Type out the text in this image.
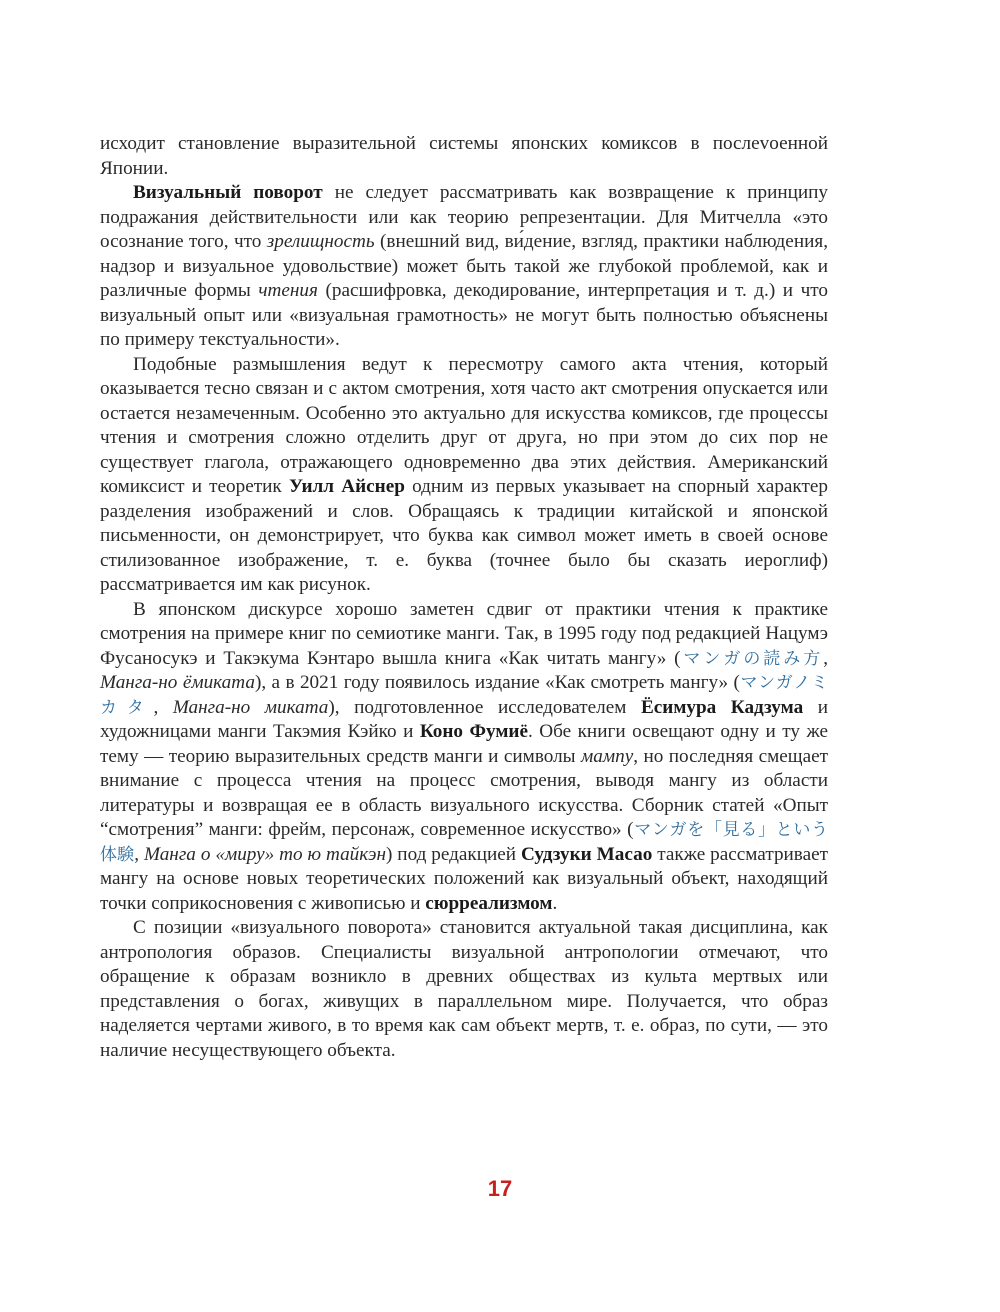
исходит становление выразительной системы японских комиксов в послеvоенной Японии.

Визуальный поворот не следует рассматривать как возвращение к принципу подражания действительности или как теорию репрезентации. Для Митчелла «это осознание того, что зрелищность (внешний вид, ви́дение, взгляд, практики наблюдения, надзор и визуальное удовольствие) может быть такой же глубокой проблемой, как и различные формы чтения (расшифровка, декодирование, интерпретация и т. д.) и что визуальный опыт или «визуальная грамотность» не могут быть полностью объяснены по примеру текстуальности».

Подобные размышления ведут к пересмотру самого акта чтения, который оказывается тесно связан и с актом смотрения, хотя часто акт смотрения опускается или остается незамеченным. Особенно это актуально для искусства комиксов, где процессы чтения и смотрения сложно отделить друг от друга, но при этом до сих пор не существует глагола, отражающего одновременно два этих действия. Американский комиксист и теоретик Уилл Айснер одним из первых указывает на спорный характер разделения изображений и слов. Обращаясь к традиции китайской и японской письменности, он демонстрирует, что буква как символ может иметь в своей основе стилизованное изображение, т. е. буква (точнее было бы сказать иероглиф) рассматривается им как рисунок.

В японском дискурсе хорошо заметен сдвиг от практики чтения к практике смотрения на примере книг по семиотике манги. Так, в 1995 году под редакцией Нацумэ Фусаносукэ и Такэкума Кэнтаро вышла книга «Как читать мангу» (マンガの読み方, Манга-но ёмиката), а в 2021 году появилось издание «Как смотреть мангу» (マンガノミカタ, Манга-но миката), подготовленное исследователем Ёсимура Кадзума и художницами манги Такэмия Кэйко и Коно Фумиё. Обе книги освещают одну и ту же тему — теорию выразительных средств манги и символы мампу, но последняя смещает внимание с процесса чтения на процесс смотрения, выводя мангу из области литературы и возвращая ее в область визуального искусства. Сборник статей «Опыт “смотрения” манги: фрейм, персонаж, современное искусство» (マンガを「見る」という体験, Манга о «миру» то ю тайкэн) под редакцией Судзуки Масао также рассматривает мангу на основе новых теоретических положений как визуальный объект, находящий точки соприкосновения с живописью и сюрреализмом.

С позиции «визуального поворота» становится актуальной такая дисциплина, как антропология образов. Специалисты визуальной антропологии отмечают, что обращение к образам возникло в древних обществах из культа мертвых или представления о богах, живущих в параллельном мире. Получается, что образ наделяется чертами живого, в то время как сам объект мертв, т. е. образ, по сути, — это наличие несуществующего объекта.

17
